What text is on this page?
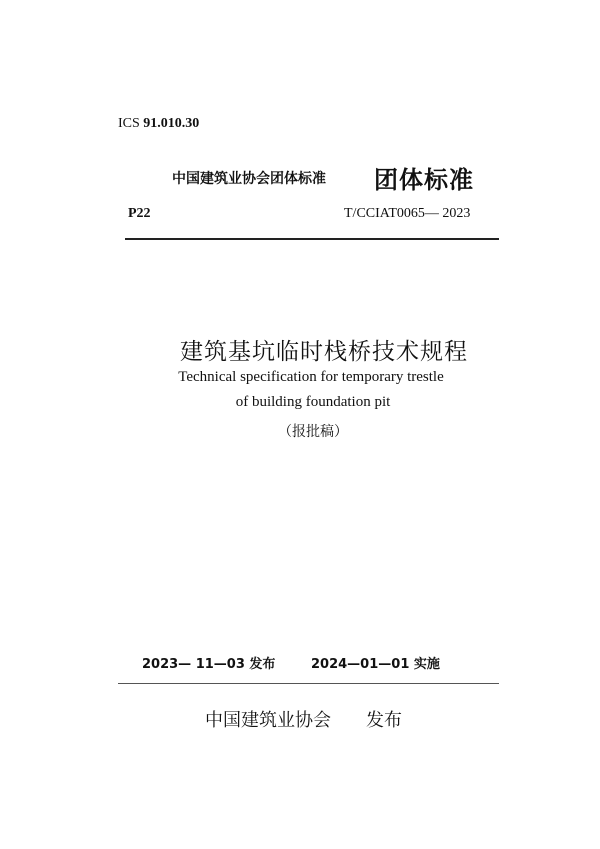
ICS 91.010.30
中国建筑业协会团体标准 团体标准
P22	T/CCIAT0065— 2023
建筑基坑临时栈桥技术规程
Technical specification for temporary trestle
of building foundation pit
（报批稿）
2023— 11—03 发布	2024—01—01 实施
中国建筑业协会 发布
